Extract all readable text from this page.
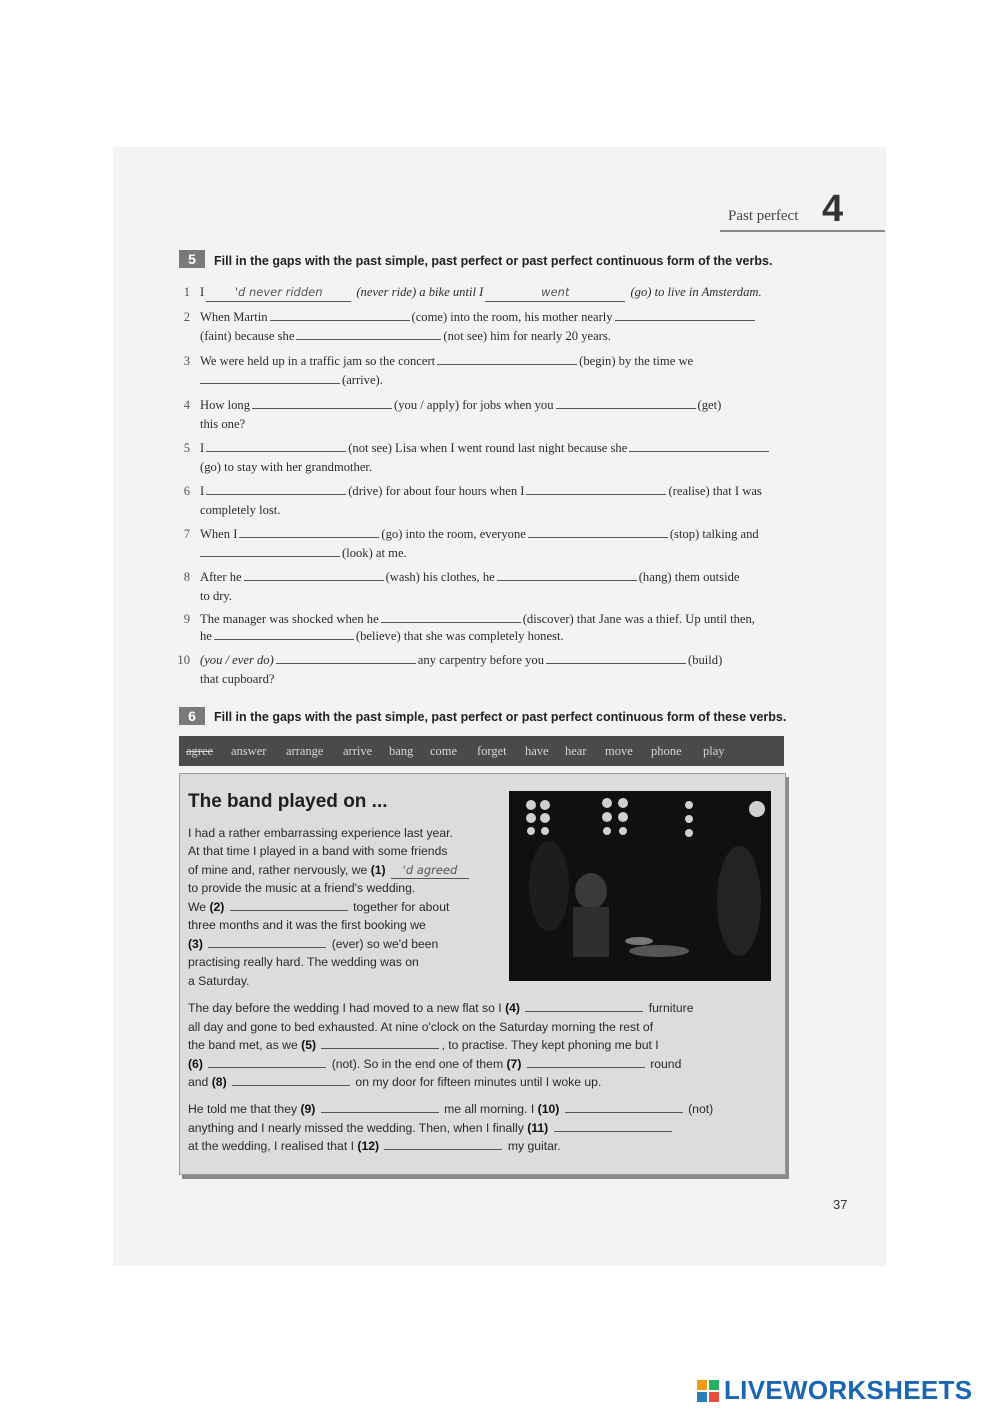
Past perfect 4
5	Fill in the gaps with the past simple, past perfect or past perfect continuous form of the verbs.
1 I	'd never ridden	(never ride) a bike until I	went	(go) to live in Amsterdam.
2 When Martin	(come) into the room, his mother nearly
(faint) because she	(not see) him for nearly 20 years.
3 We were held up in a traffic jam so the concert	(begin) by the time we
(arrive).
4 How long	(you / apply) for jobs when you	(get)
this one?
5 I	(not see) Lisa when I went round last night because she
(go) to stay with her grandmother.
6 I	(drive) for about four hours when I	(realise) that I was
completely lost.
7 When I	(go) into the room, everyone	(stop) talking and
(look) at me.
8 After he	(wash) his clothes, he	(hang) them outside
to dry.
9 The manager was shocked when he	(discover) that Jane was a thief. Up until then,
he	(believe) that she was completely honest.
10 (you / ever do)	any carpentry before you	(build)
that cupboard?
6	Fill in the gaps with the past simple, past perfect or past perfect continuous form of these verbs.
agree answer arrange arrive bang come forget have hear move phone play
The band played on ...
I had a rather embarrassing experience last year.
At that time I played in a band with some friends
of mine and, rather nervously, we (1) 'd agreed
to provide the music at a friend's wedding.
We (2)	together for about
three months and it was the first booking we
(3)	(ever) so we'd been
practising really hard. The wedding was on
a Saturday.
The day before the wedding I had moved to a new flat so I (4)	furniture
all day and gone to bed exhausted. At nine o'clock on the Saturday morning the rest of
the band met, as we (5)	, to practise. They kept phoning me but I
(6)	(not). So in the end one of them (7)	round
and (8)	on my door for fifteen minutes until I woke up.
He told me that they (9)	me all morning. I (10)	(not)
anything and I nearly missed the wedding. Then, when I finally (11)
at the wedding, I realised that I (12)	my guitar.
37
LIVEWORKSHEETS
